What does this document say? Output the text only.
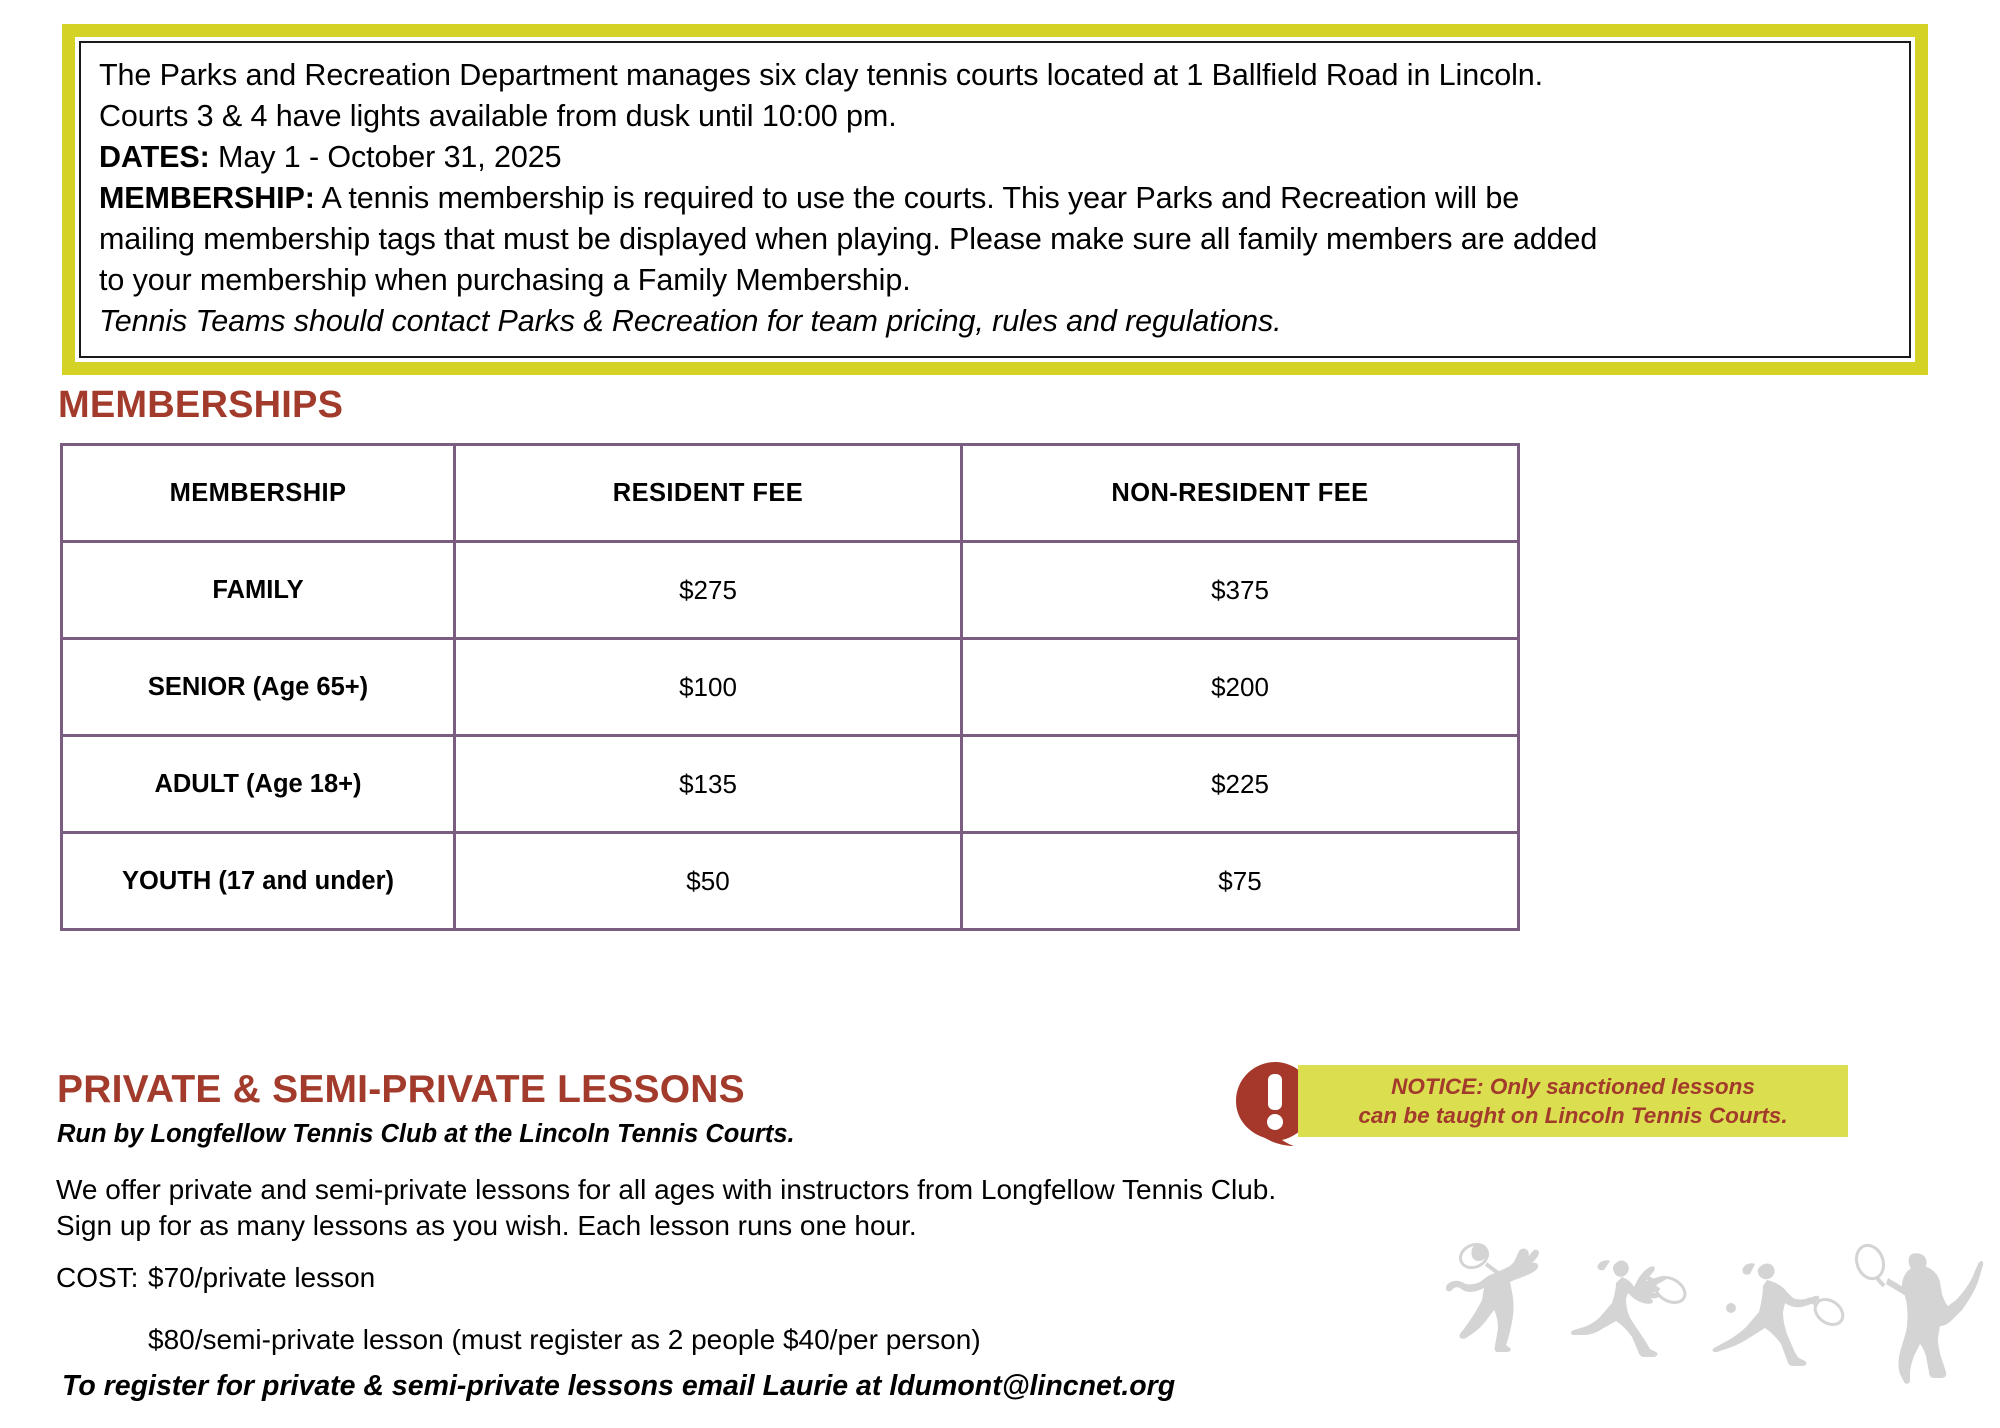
The Parks and Recreation Department manages six clay tennis courts located at 1 Ballfield Road in Lincoln.
Courts 3 & 4 have lights available from dusk until 10:00 pm.
DATES: May 1 - October 31, 2025
MEMBERSHIP: A tennis membership is required to use the courts. This year Parks and Recreation will be
mailing membership tags that must be displayed when playing. Please make sure all family members are added
to your membership when purchasing a Family Membership.
Tennis Teams should contact Parks & Recreation for team pricing, rules and regulations.
MEMBERSHIPS
MEMBERSHIP	RESIDENT FEE	NON-RESIDENT FEE
FAMILY	$275	$375
SENIOR (Age 65+)	$100	$200
ADULT (Age 18+)	$135	$225
YOUTH (17 and under)	$50	$75
PRIVATE & SEMI-PRIVATE LESSONS
Run by Longfellow Tennis Club at the Lincoln Tennis Courts.
We offer private and semi-private lessons for all ages with instructors from Longfellow Tennis Club.
Sign up for as many lessons as you wish. Each lesson runs one hour.
COST: $70/private lesson
$80/semi-private lesson (must register as 2 people $40/per person)
To register for private & semi-private lessons email Laurie at ldumont@lincnet.org
NOTICE: Only sanctioned lessons
can be taught on Lincoln Tennis Courts.
